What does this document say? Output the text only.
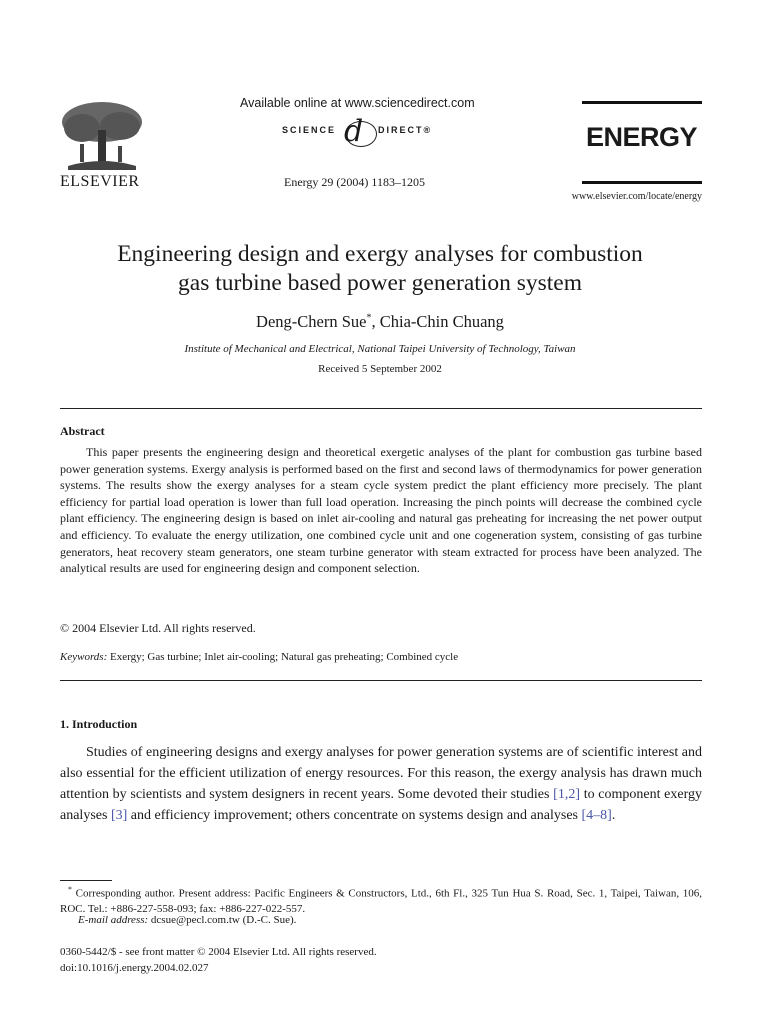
ELSEVIER
Available online at www.sciencedirect.com
SCIENCE d DIRECT®
Energy 29 (2004) 1183–1205
ENERGY
www.elsevier.com/locate/energy
Engineering design and exergy analyses for combustion
gas turbine based power generation system
Deng-Chern Sue*, Chia-Chin Chuang
Institute of Mechanical and Electrical, National Taipei University of Technology, Taiwan
Received 5 September 2002
Abstract
This paper presents the engineering design and theoretical exergetic analyses of the plant for combustion gas turbine based power generation systems. Exergy analysis is performed based on the first and second laws of thermodynamics for power generation systems. The results show the exergy analyses for a steam cycle system predict the plant efficiency more precisely. The plant efficiency for partial load operation is lower than full load operation. Increasing the pinch points will decrease the combined cycle plant efficiency. The engineering design is based on inlet air-cooling and natural gas preheating for increasing the net power output and efficiency. To evaluate the energy utilization, one combined cycle unit and one cogeneration system, consisting of gas turbine generators, heat recovery steam generators, one steam turbine generator with steam extracted for process have been analyzed. The analytical results are used for engineering design and component selection.
© 2004 Elsevier Ltd. All rights reserved.
Keywords: Exergy; Gas turbine; Inlet air-cooling; Natural gas preheating; Combined cycle
1. Introduction
Studies of engineering designs and exergy analyses for power generation systems are of scientific interest and also essential for the efficient utilization of energy resources. For this reason, the exergy analysis has drawn much attention by scientists and system designers in recent years. Some devoted their studies [1,2] to component exergy analyses [3] and efficiency improvement; others concentrate on systems design and analyses [4–8].
* Corresponding author. Present address: Pacific Engineers & Constructors, Ltd., 6th Fl., 325 Tun Hua S. Road, Sec. 1, Taipei, Taiwan, 106, ROC. Tel.: +886-227-558-093; fax: +886-227-022-557.
E-mail address: dcsue@pecl.com.tw (D.-C. Sue).
0360-5442/$ - see front matter © 2004 Elsevier Ltd. All rights reserved.
doi:10.1016/j.energy.2004.02.027
